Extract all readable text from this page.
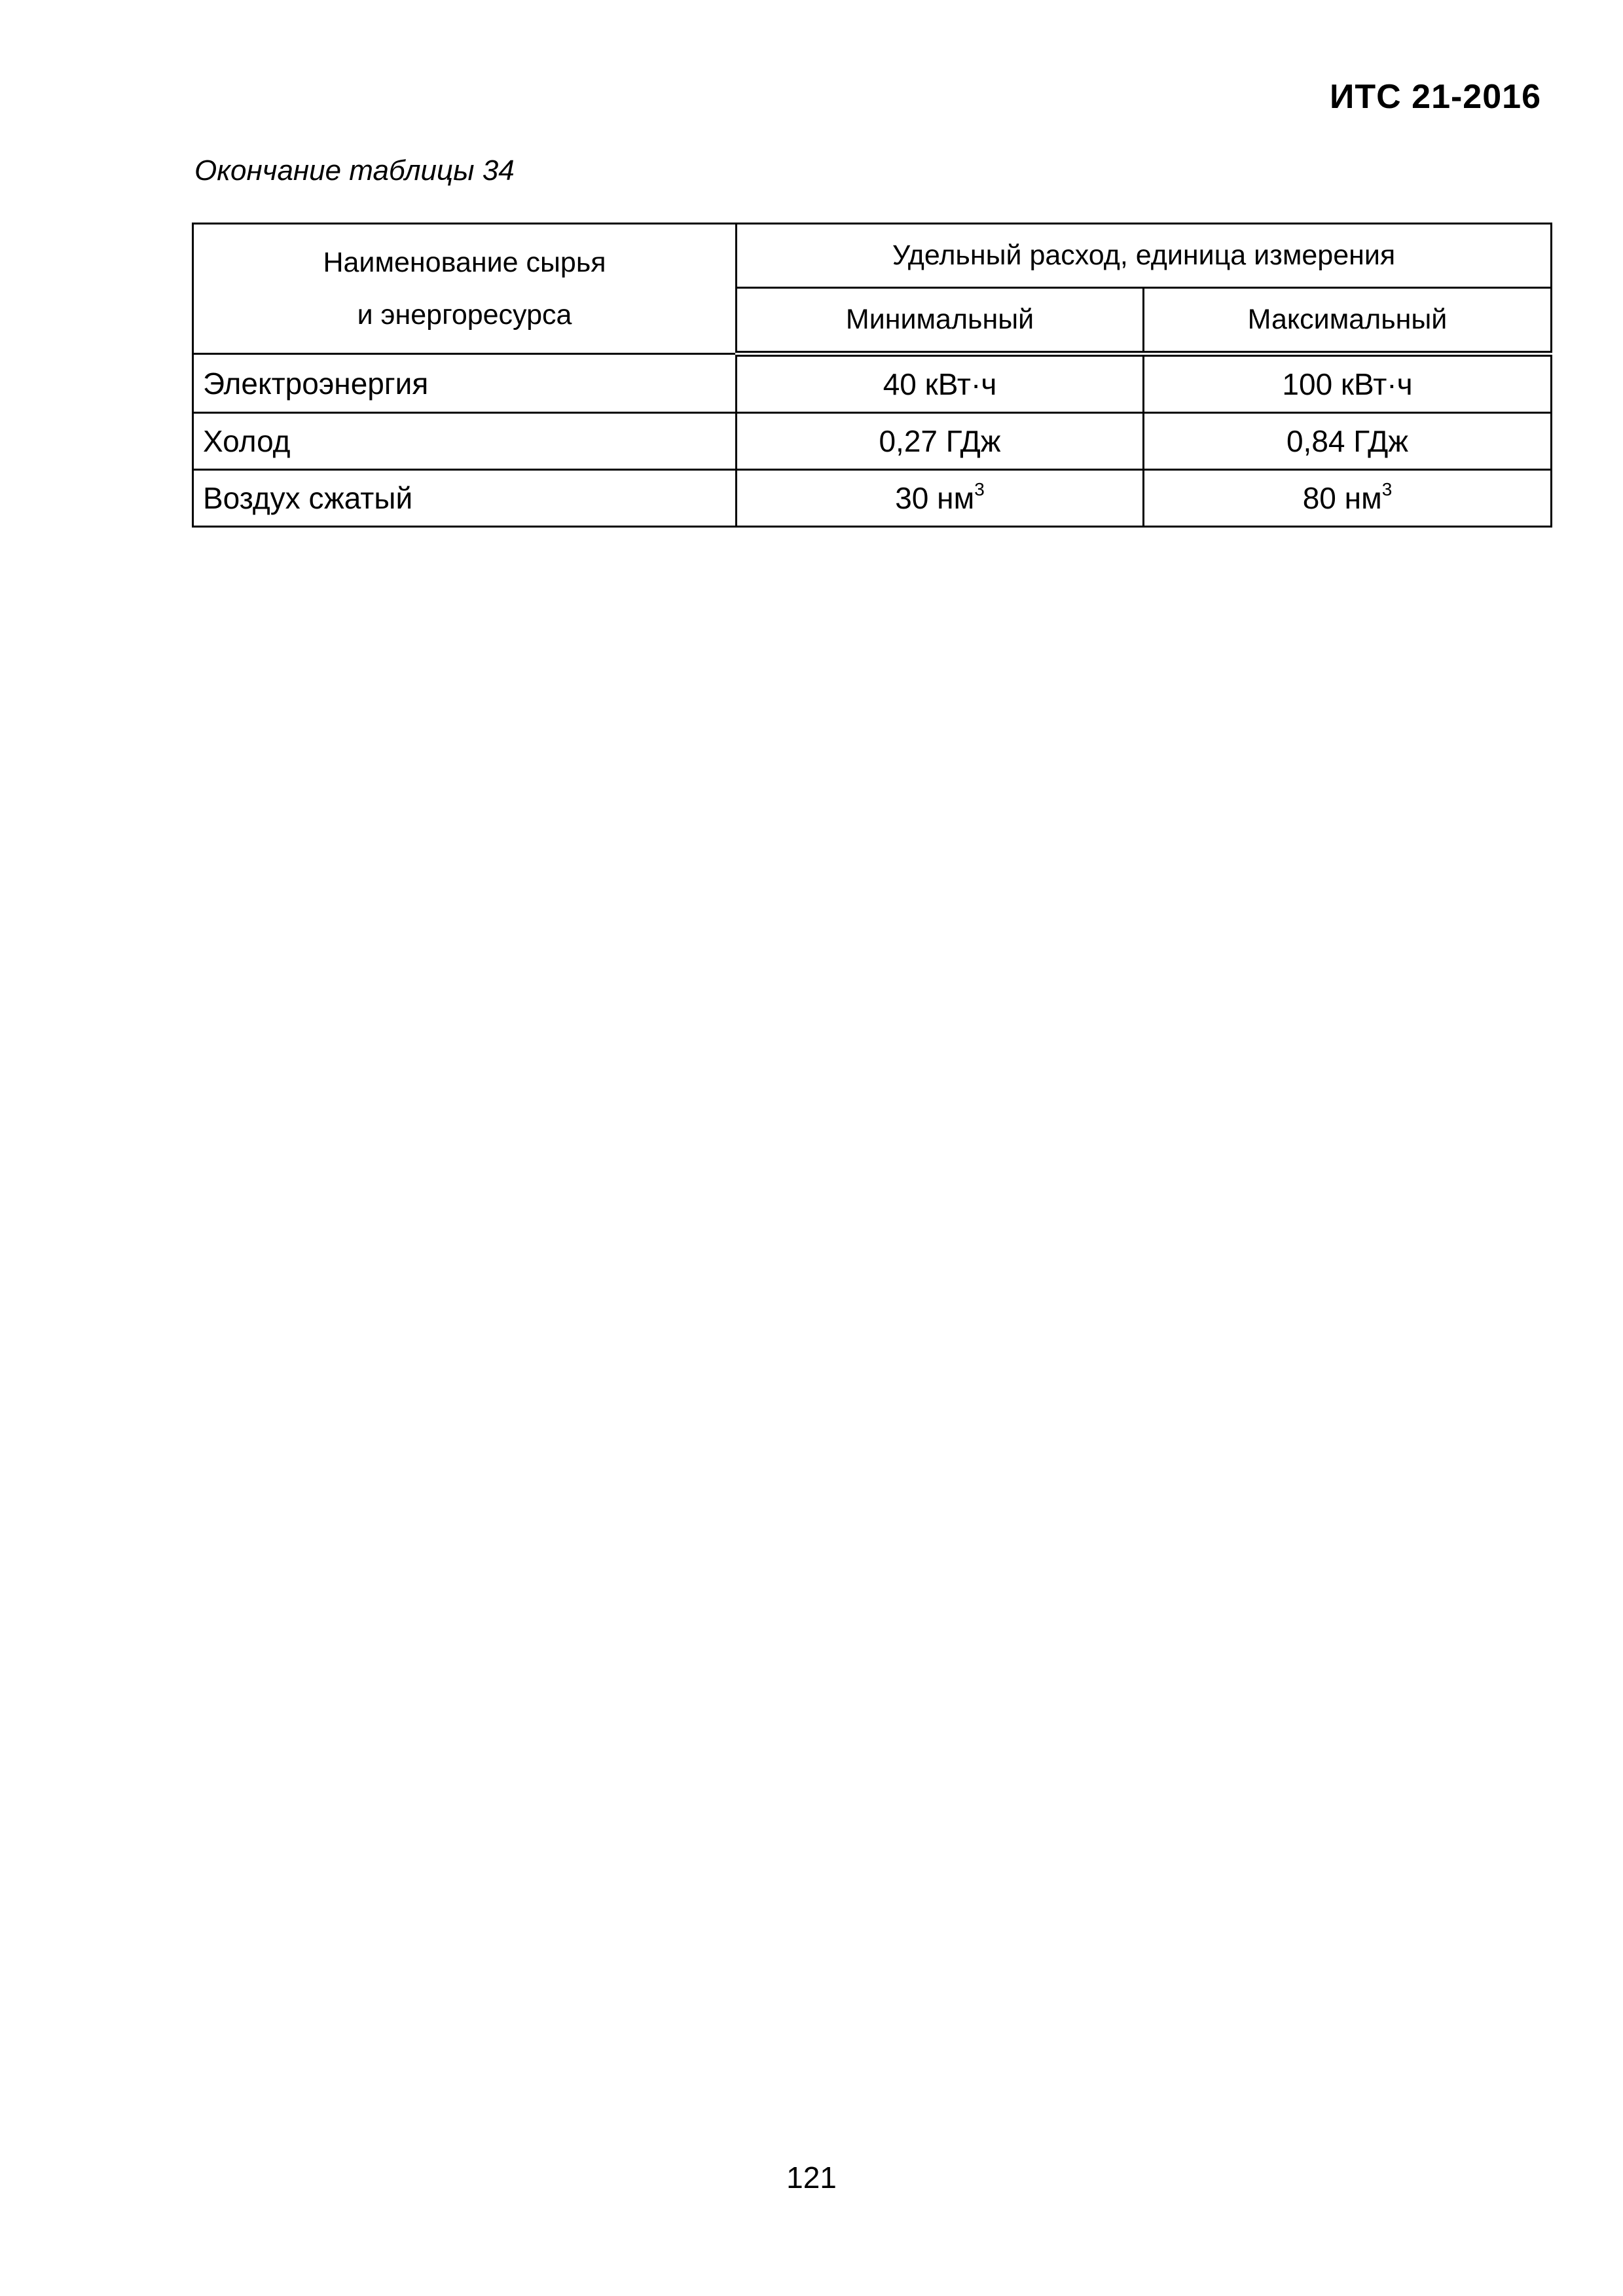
ИТС 21-2016
Окончание таблицы 34
Наименование сырья
и энергоресурса	Удельный расход, единица измерения	
	Минимальный	Максимальный
Электроэнергия	40 кВт·ч	100 кВт·ч
Холод	0,27 ГДж	0,84 ГДж
Воздух сжатый	30 $нм^3$	80 $нм^3$
121
